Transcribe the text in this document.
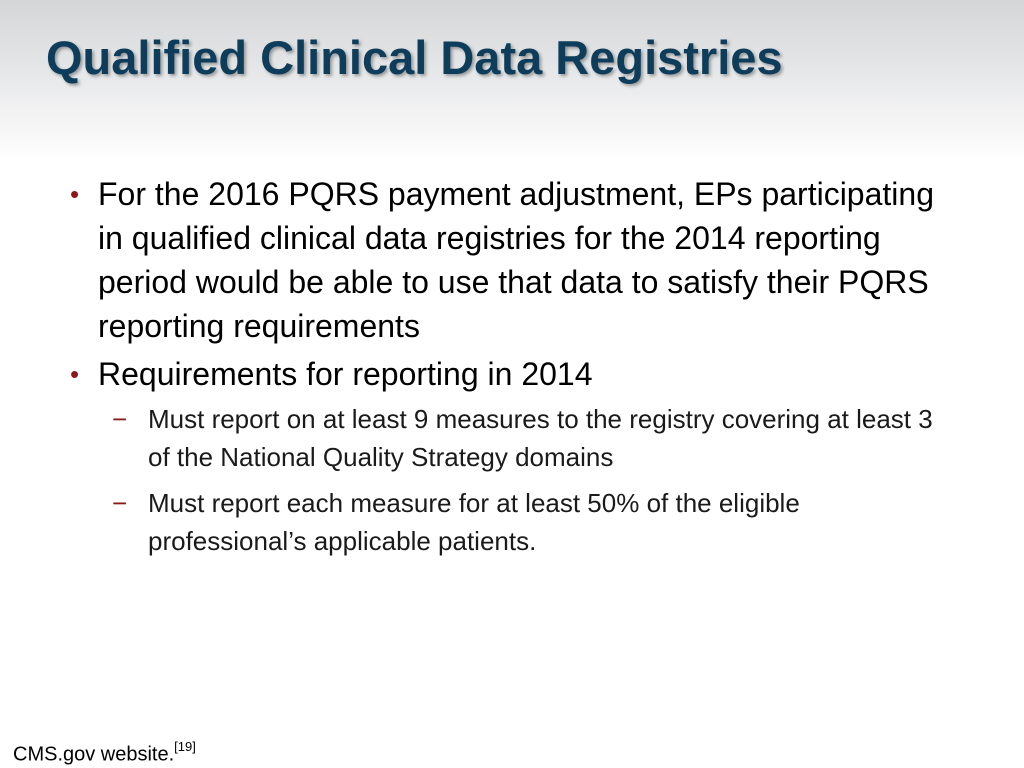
Qualified Clinical Data Registries
• For the 2016 PQRS payment adjustment, EPs participating in qualified clinical data registries for the 2014 reporting period would be able to use that data to satisfy their PQRS reporting requirements
• Requirements for reporting in 2014
− Must report on at least 9 measures to the registry covering at least 3 of the National Quality Strategy domains
− Must report each measure for at least 50% of the eligible professional’s applicable patients.
CMS.gov website.[19]
